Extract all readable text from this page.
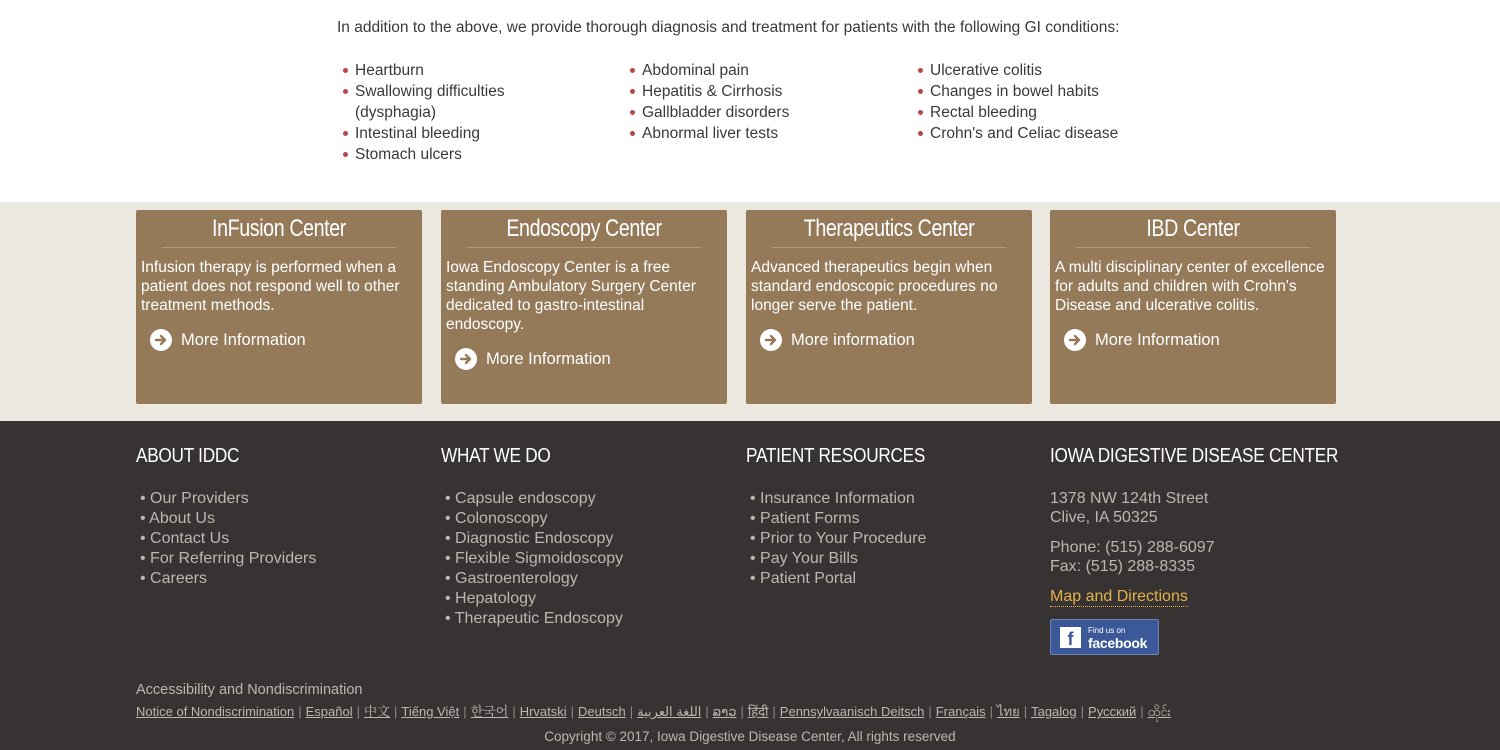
In addition to the above, we provide thorough diagnosis and treatment for patients with the following GI conditions:

Heartburn
Swallowing difficulties (dysphagia)
Intestinal bleeding
Stomach ulcers
Abdominal pain
Hepatitis & Cirrhosis
Gallbladder disorders
Abnormal liver tests
Ulcerative colitis
Changes in bowel habits
Rectal bleeding
Crohn's and Celiac disease
InFusion Center

Infusion therapy is performed when a patient does not respond well to other treatment methods.

More Information
Endoscopy Center

Iowa Endoscopy Center is a free standing Ambulatory Surgery Center dedicated to gastro-intestinal endoscopy.

More Information
Therapeutics Center

Advanced therapeutics begin when standard endoscopic procedures no longer serve the patient.

More information
IBD Center

A multi disciplinary center of excellence for adults and children with Crohn's Disease and ulcerative colitis.

More Information
ABOUT IDDC
• Our Providers
• About Us
• Contact Us
• For Referring Providers
• Careers
WHAT WE DO
• Capsule endoscopy
• Colonoscopy
• Diagnostic Endoscopy
• Flexible Sigmoidoscopy
• Gastroenterology
• Hepatology
• Therapeutic Endoscopy
PATIENT RESOURCES
• Insurance Information
• Patient Forms
• Prior to Your Procedure
• Pay Your Bills
• Patient Portal
IOWA DIGESTIVE DISEASE CENTER
1378 NW 124th Street
Clive, IA 50325
Phone: (515) 288-6097
Fax: (515) 288-8335
Map and Directions
f	Find us on
facebook
Accessibility and Nondiscrimination
Notice of Nondiscrimination | Español | 中文 | Tiếng Việt | 한국어 | Hrvatski | Deutsch | اللغة العربية | ລາວ | हिंदी | Pennsylvaanisch Deitsch | Français | ไทย | Tagalog | Русский | ထိုင်း
Copyright © 2017, Iowa Digestive Disease Center, All rights reserved
